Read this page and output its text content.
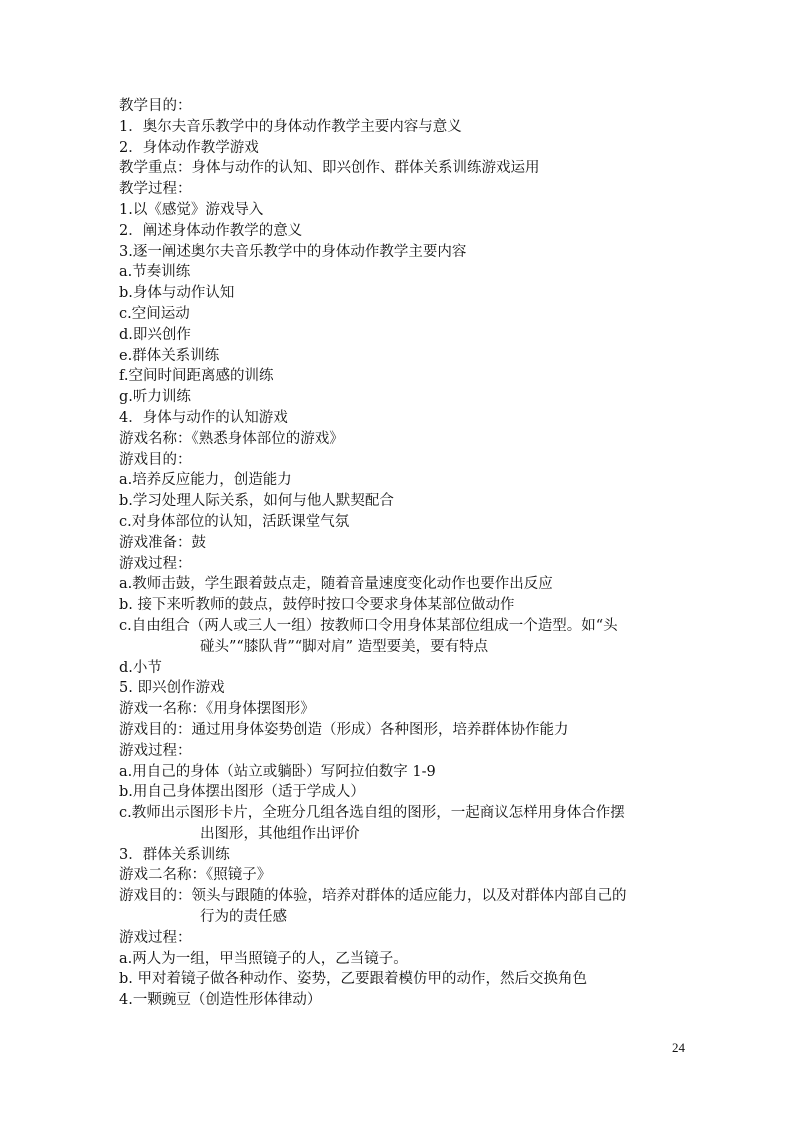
教学目的：
1．奥尔夫音乐教学中的身体动作教学主要内容与意义
2．身体动作教学游戏
教学重点：身体与动作的认知、即兴创作、群体关系训练游戏运用
教学过程：
1.以《感觉》游戏导入
2．阐述身体动作教学的意义
3.逐一阐述奥尔夫音乐教学中的身体动作教学主要内容
a.节奏训练
b.身体与动作认知
c.空间运动
d.即兴创作
e.群体关系训练
f.空间时间距离感的训练
g.听力训练
4．身体与动作的认知游戏
游戏名称：《熟悉身体部位的游戏》
游戏目的：
a.培养反应能力，创造能力
b.学习处理人际关系，如何与他人默契配合
c.对身体部位的认知，活跃课堂气氛
游戏准备：鼓
游戏过程：
a.教师击鼓，学生跟着鼓点走，随着音量速度变化动作也要作出反应
b. 接下来听教师的鼓点，鼓停时按口令要求身体某部位做动作
c.自由组合（两人或三人一组）按教师口令用身体某部位组成一个造型。如“头
碰头”“膝队背”“脚对肩” 造型要美，要有特点
d.小节
5. 即兴创作游戏
游戏一名称：《用身体摆图形》
游戏目的：通过用身体姿势创造（形成）各种图形，培养群体协作能力
游戏过程：
a.用自己的身体（站立或躺卧）写阿拉伯数字 1-9
b.用自己身体摆出图形（适于学成人）
c.教师出示图形卡片，全班分几组各选自组的图形，一起商议怎样用身体合作摆
出图形，其他组作出评价
3．群体关系训练
游戏二名称：《照镜子》
游戏目的：领头与跟随的体验，培养对群体的适应能力，以及对群体内部自己的
行为的责任感
游戏过程：
a.两人为一组，甲当照镜子的人，乙当镜子。
b. 甲对着镜子做各种动作、姿势，乙要跟着模仿甲的动作，然后交换角色
4.一颗豌豆（创造性形体律动）
24
